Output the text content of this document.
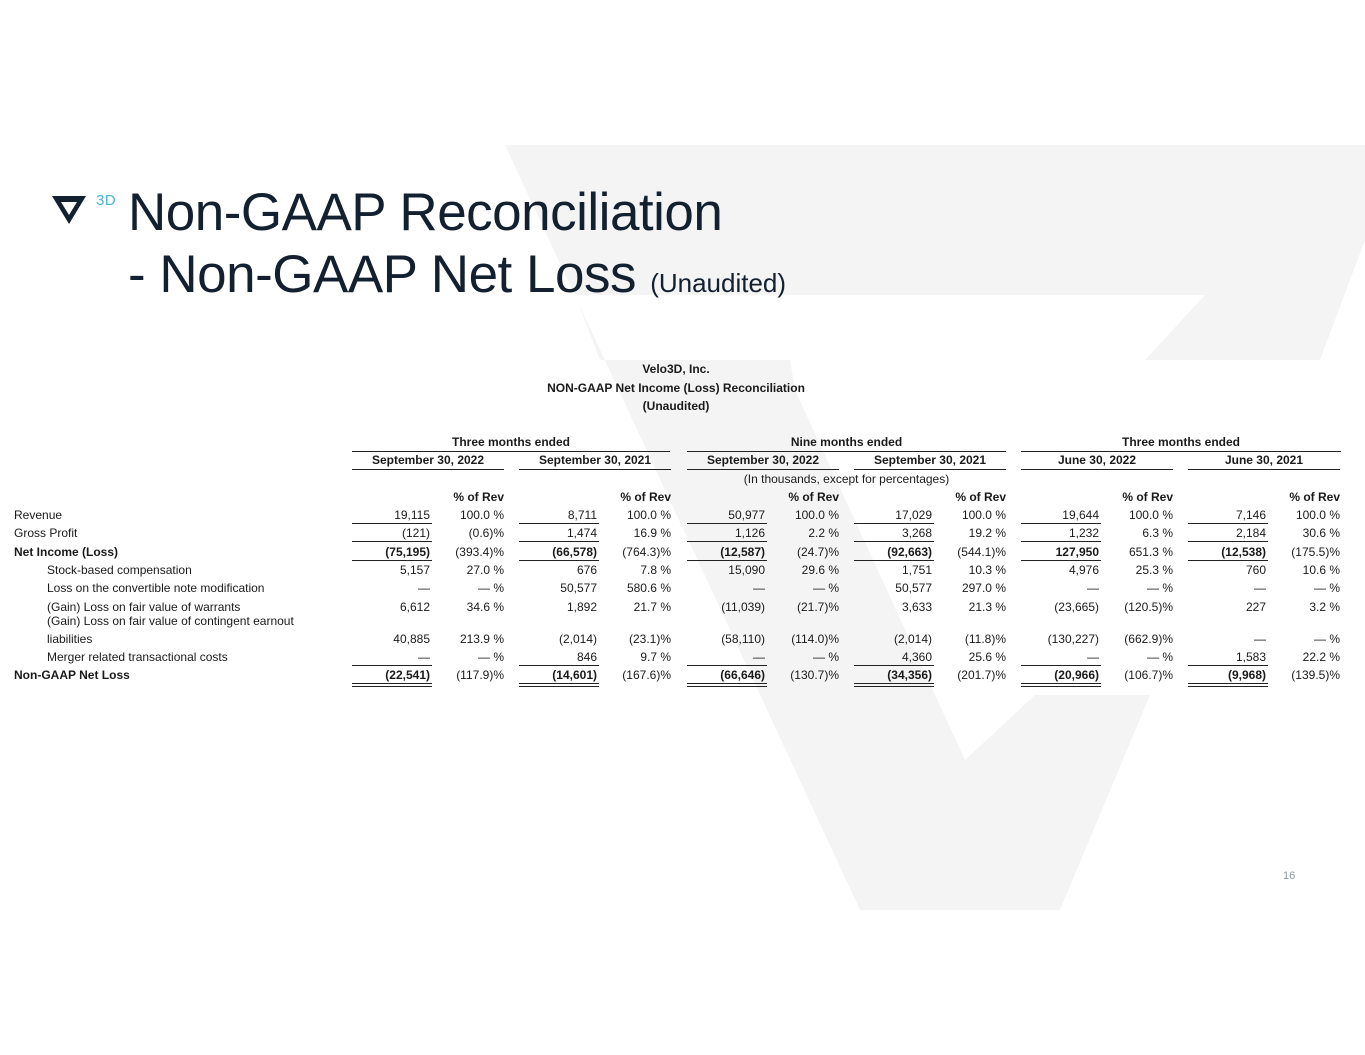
3D Non-GAAP Reconciliation
- Non-GAAP Net Loss (Unaudited)
Velo3D, Inc.
NON-GAAP Net Income (Loss) Reconciliation
(Unaudited)
Three months ended	Nine months ended	Three months ended
September 30, 2022	September 30, 2021	September 30, 2022	September 30, 2021	June 30, 2022	June 30, 2021
(In thousands, except for percentages)
% of Rev	% of Rev	% of Rev	% of Rev	% of Rev	% of Rev
Revenue	19,115	100.0 %	8,711	100.0 %	50,977	100.0 %	17,029	100.0 %	19,644	100.0 %	7,146	100.0 %
Gross Profit	(121)	(0.6)%	1,474	16.9 %	1,126	2.2 %	3,268	19.2 %	1,232	6.3 %	2,184	30.6 %
Net Income (Loss)	(75,195)	(393.4)%	(66,578)	(764.3)%	(12,587)	(24.7)%	(92,663)	(544.1)%	127,950	651.3 %	(12,538)	(175.5)%
Stock-based compensation	5,157	27.0 %	676	7.8 %	15,090	29.6 %	1,751	10.3 %	4,976	25.3 %	760	10.6 %
Loss on the convertible note modification	—	— %	50,577	580.6 %	—	— %	50,577	297.0 %	—	— %	—	— %
(Gain) Loss on fair value of warrants	6,612	34.6 %	1,892	21.7 %	(11,039)	(21.7)%	3,633	21.3 %	(23,665)	(120.5)%	227	3.2 %
(Gain) Loss on fair value of contingent earnout
liabilities	40,885	213.9 %	(2,014)	(23.1)%	(58,110)	(114.0)%	(2,014)	(11.8)%	(130,227)	(662.9)%	—	— %
Merger related transactional costs	—	— %	846	9.7 %	—	— %	4,360	25.6 %	—	— %	1,583	22.2 %
Non-GAAP Net Loss	(22,541)	(117.9)%	(14,601)	(167.6)%	(66,646)	(130.7)%	(34,356)	(201.7)%	(20,966)	(106.7)%	(9,968)	(139.5)%
16
